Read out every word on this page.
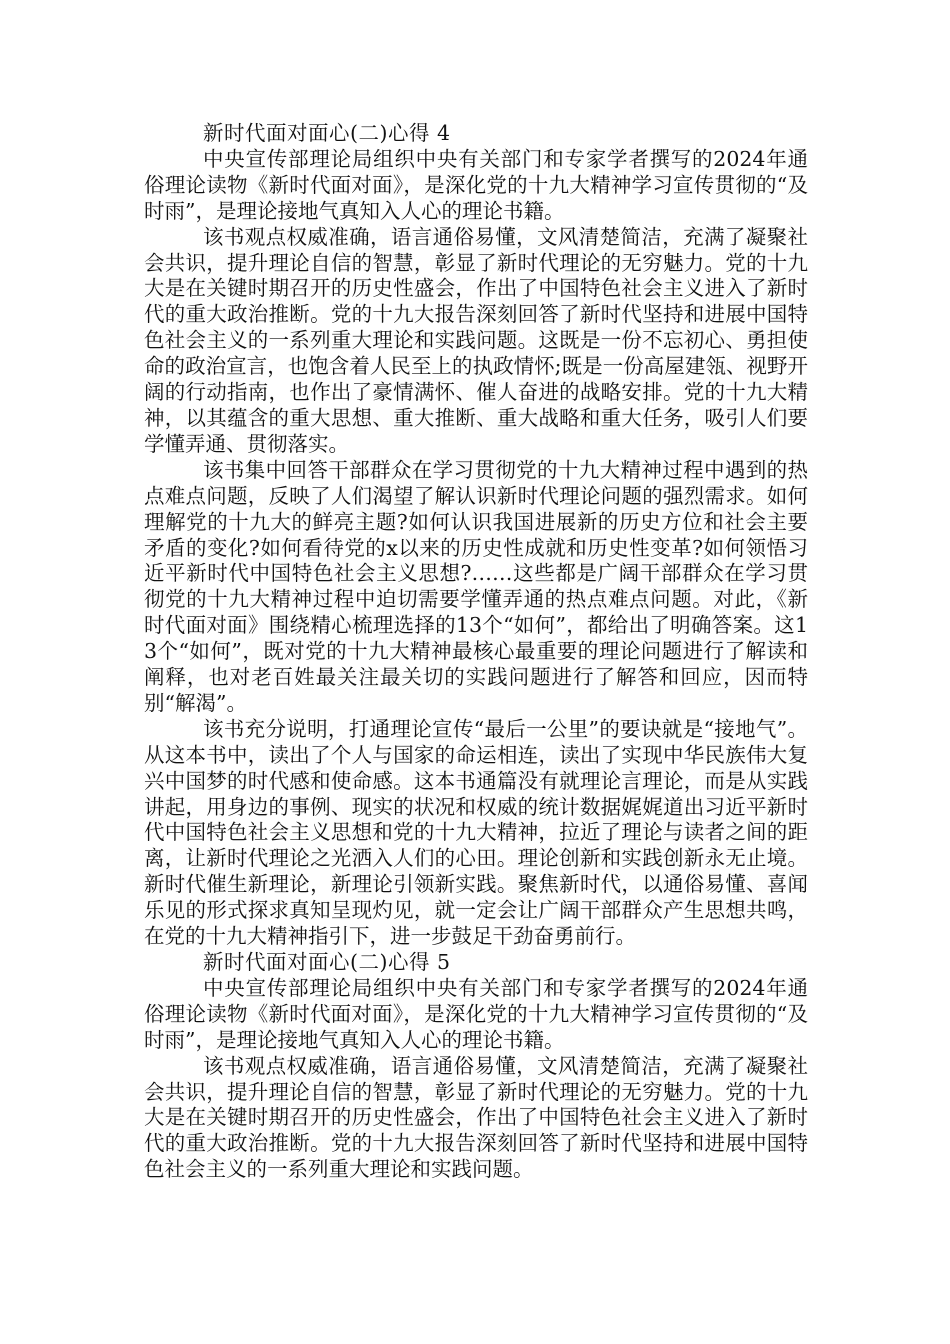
新时代面对面心(二)心得 4

中央宣传部理论局组织中央有关部门和专家学者撰写的2024年通俗理论读物《新时代面对面》，是深化党的十九大精神学习宣传贯彻的“及时雨”，是理论接地气真知入人心的理论书籍。

该书观点权威准确，语言通俗易懂，文风清楚简洁，充满了凝聚社会共识，提升理论自信的智慧，彰显了新时代理论的无穷魅力。党的十九大是在关键时期召开的历史性盛会，作出了中国特色社会主义进入了新时代的重大政治推断。党的十九大报告深刻回答了新时代坚持和进展中国特色社会主义的一系列重大理论和实践问题。这既是一份不忘初心、勇担使命的政治宣言，也饱含着人民至上的执政情怀;既是一份高屋建瓴、视野开阔的行动指南，也作出了豪情满怀、催人奋进的战略安排。党的十九大精神，以其蕴含的重大思想、重大推断、重大战略和重大任务，吸引人们要学懂弄通、贯彻落实。

该书集中回答干部群众在学习贯彻党的十九大精神过程中遇到的热点难点问题，反映了人们渴望了解认识新时代理论问题的强烈需求。如何理解党的十九大的鲜亮主题?如何认识我国进展新的历史方位和社会主要矛盾的变化?如何看待党的x以来的历史性成就和历史性变革?如何领悟习近平新时代中国特色社会主义思想?……这些都是广阔干部群众在学习贯彻党的十九大精神过程中迫切需要学懂弄通的热点难点问题。对此，《新时代面对面》围绕精心梳理选择的13个“如何”，都给出了明确答案。这13个“如何”，既对党的十九大精神最核心最重要的理论问题进行了解读和阐释，也对老百姓最关注最关切的实践问题进行了解答和回应，因而特别“解渴”。

该书充分说明，打通理论宣传“最后一公里”的要诀就是“接地气”。从这本书中，读出了个人与国家的命运相连，读出了实现中华民族伟大复兴中国梦的时代感和使命感。这本书通篇没有就理论言理论，而是从实践讲起，用身边的事例、现实的状况和权威的统计数据娓娓道出习近平新时代中国特色社会主义思想和党的十九大精神，拉近了理论与读者之间的距离，让新时代理论之光洒入人们的心田。理论创新和实践创新永无止境。新时代催生新理论，新理论引领新实践。聚焦新时代，以通俗易懂、喜闻乐见的形式探求真知呈现灼见，就一定会让广阔干部群众产生思想共鸣，在党的十九大精神指引下，进一步鼓足干劲奋勇前行。

新时代面对面心(二)心得 5

中央宣传部理论局组织中央有关部门和专家学者撰写的2024年通俗理论读物《新时代面对面》，是深化党的十九大精神学习宣传贯彻的“及时雨”，是理论接地气真知入人心的理论书籍。

该书观点权威准确，语言通俗易懂，文风清楚简洁，充满了凝聚社会共识，提升理论自信的智慧，彰显了新时代理论的无穷魅力。党的十九大是在关键时期召开的历史性盛会，作出了中国特色社会主义进入了新时代的重大政治推断。党的十九大报告深刻回答了新时代坚持和进展中国特色社会主义的一系列重大理论和实践问题。
